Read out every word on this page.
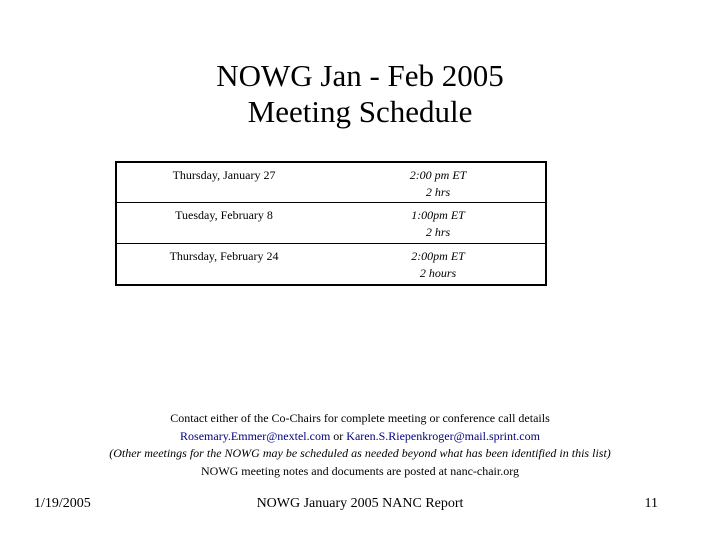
NOWG Jan - Feb 2005
Meeting Schedule
Thursday, January 27	2:00 pm ET
2 hrs

Tuesday, February 8	1:00pm ET
2 hrs

Thursday, February 24	2:00pm ET
2 hours
Contact either of the Co-Chairs for complete meeting or conference call details
Rosemary.Emmer@nextel.com or Karen.S.Riepenkroger@mail.sprint.com
(Other meetings for the NOWG may be scheduled as needed beyond what has been identified in this list)
NOWG meeting notes and documents are posted at nanc-chair.org
1/19/2005	NOWG January 2005 NANC Report	11
